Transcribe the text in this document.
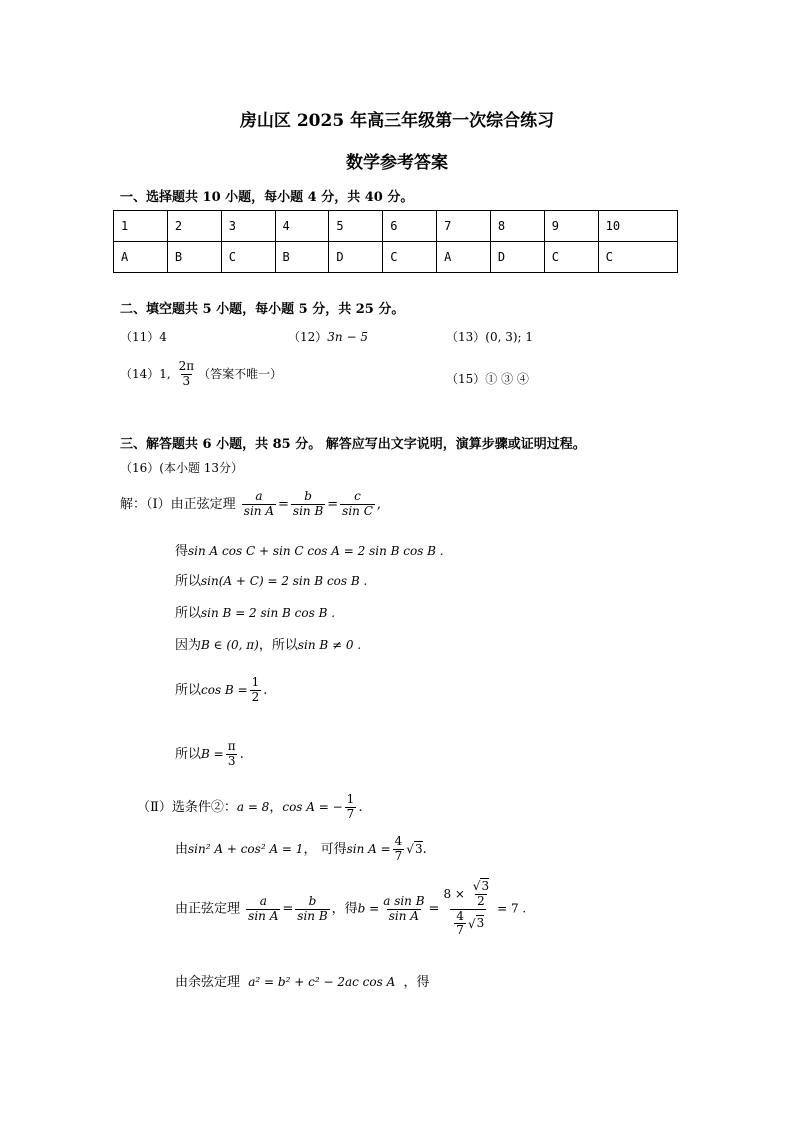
房山区 2025 年高三年级第一次综合练习
数学参考答案
一、选择题共 10 小题，每小题 4 分，共 40 分。
1	2	3	4	5	6	7	8	9	10
A	B	C	B	D	C	A	D	C	C
二、填空题共 5 小题，每小题 5 分，共 25 分。
（11）4	（12）3n − 5	（13）(0, 3); 1
（14）1, $\frac{2\pi}{3}$ （答案不唯一）	（15）① ③ ④
三、解答题共 6 小题，共 85 分。 解答应写出文字说明，演算步骤或证明过程。
（16）(本小题 13分）
解：（Ⅰ）由正弦定理 $\frac{a}{\text{sin A}} = \frac{b}{\text{sin B}} = \frac{c}{\text{sin C}}$ ,
得sin A cos C + sin C cos A = 2 sin B cos B .
所以sin(A + C) = 2 sin B cos B .
所以sin B = 2 sin B cos B .
因为B ∈ (0, π)，所以sin B ≠ 0 .
所以$\cos B = \frac{1}{2}$ .
所以$B = \frac{\pi}{3}$ .
（Ⅱ）选条件②：a = 8，cos A = − $\frac{1}{7}$ .
由sin² A + cos² A = 1， 可得$\sin A = \frac{4}{7} √3$.
由正弦定理 $\frac{a}{\text{sin A}} = \frac{b}{\text{sin B}}$ ，得$b = \frac{\text{a sin B}}{\text{sin A}} = \frac{8 \times \frac{√3}{2}}{\frac{4}{7} √3} = 7$ .
由余弦定理 a² = b² + c² − 2ac cos A ，得
